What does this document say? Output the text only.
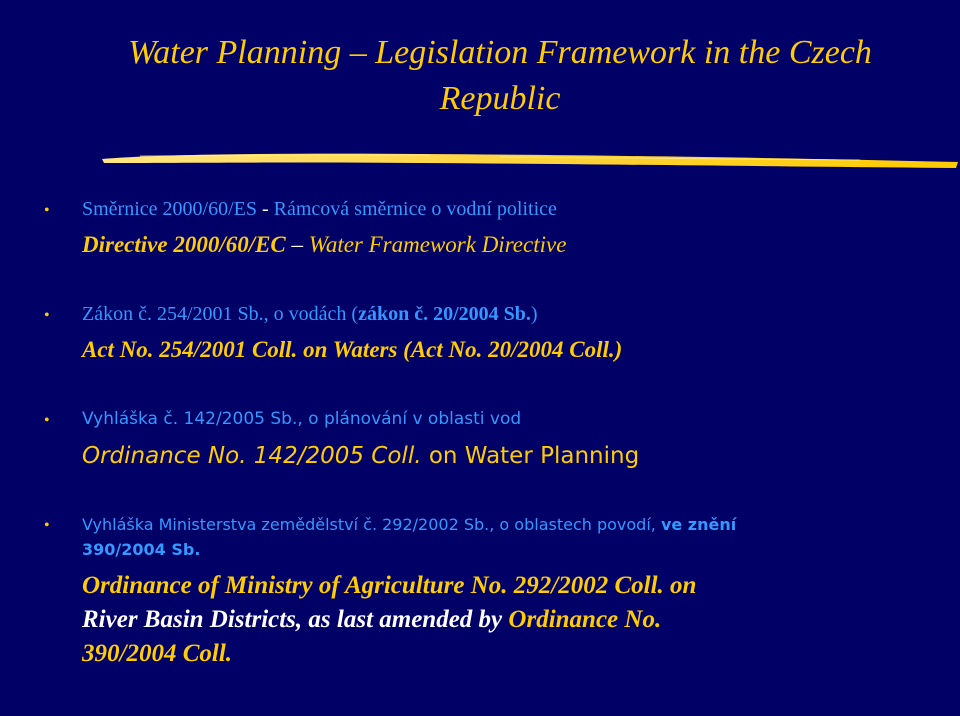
Water Planning – Legislation Framework in the Czech
Republic
• Směrnice 2000/60/ES - Rámcová směrnice o vodní politice
Directive 2000/60/EC – Water Framework Directive
• Zákon č. 254/2001 Sb., o vodách (zákon č. 20/2004 Sb.)
Act No. 254/2001 Coll. on Waters (Act No. 20/2004 Coll.)
• Vyhláška č. 142/2005 Sb., o plánování v oblasti vod
Ordinance No. 142/2005 Coll. on Water Planning
• Vyhláška Ministerstva zemědělství č. 292/2002 Sb., o oblastech povodí, ve znění
390/2004 Sb.
Ordinance of Ministry of Agriculture No. 292/2002 Coll. on
River Basin Districts, as last amended by Ordinance No.
390/2004 Coll.
